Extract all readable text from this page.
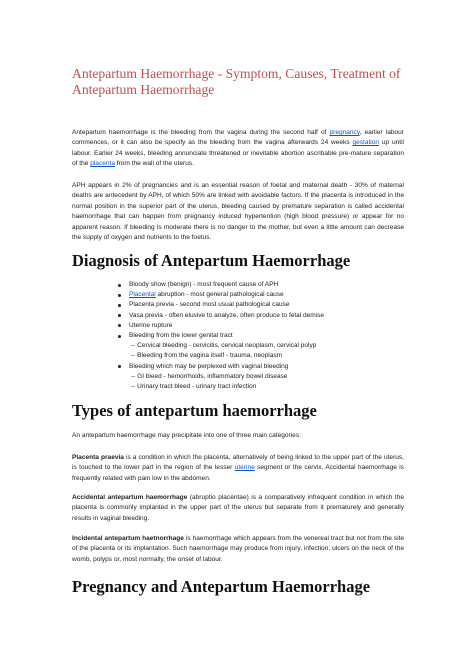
Antepartum Haemorrhage - Symptom, Causes, Treatment of Antepartum Haemorrhage

Antepartum haemorrhage is the bleeding from the vagina during the second half of pregnancy, earlier labour commences, or it can also be specify as the bleeding from the vagina afterwards 24 weeks gestation up until labour. Earlier 24 weeks, bleeding annunciate threatened or inevitable abortion ascribable pre-mature separation of the placenta from the wall of the uterus.

APH appears in 2% of pregnancies and is an essential reason of foetal and maternal death - 30% of maternal deaths are antecedent by APH, of which 50% are linked with avoidable factors. If the placenta is introduced in the normal position in the superior part of the uterus, bleeding caused by premature separation is called accidental haemorrhage that can happen from pregnancy induced hypertention (high blood pressure) or appear for no apparent reason. If bleeding is moderate there is no danger to the mother, but even a little amount can decrease the supply of oxygen and nutrients to the foetus.

Diagnosis of Antepartum Haemorrhage
Bloody show (benign) - most frequent cause of APH
Placental abruption - most general pathological cause
Placenta previa - second most usual pathological cause
Vasa previa - often elusive to analyze, often produce to fetal demise
Uterine rupture
Bleeding from the lower genital tract
-- Cervical bleeding - cervicitis, cervical neoplasm, cervical polyp
-- Bleeding from the vagina itself - trauma, neoplasm
Bleeding which may be perplexed with vaginal bleeding
-- GI bleed - hemorrhoids, inflammatory bowel disease
-- Urinary tract bleed - urinary tract infection
Types of antepartum haemorrhage

An antepartum haemorrhage may precipitate into one of three main categories:

Placenta praevia is a condition in which the placenta, alternatively of being linked to the upper part of the uterus, is touched to the lower part in the region of the lesser uterine segment or the cervix. Accidental haemorrhage is frequently related with pain low in the abdomen.

Accidental antepartum haemorrhage (abruptio placentae) is a comparatively infrequent condition in which the placenta is commonly implanted in the upper part of the uterus but separate from it prematurely and generally results in vaginal bleeding.

Incidental antepartum haetnorrhage is haemorrhage which appears from the venereal tract but not from the site of the placenta or its implantation. Such haemorrhage may produce from injury, infection, ulcers on the neck of the womb, polyps or, most normally, the onset of labour.

Pregnancy and Antepartum Haemorrhage
